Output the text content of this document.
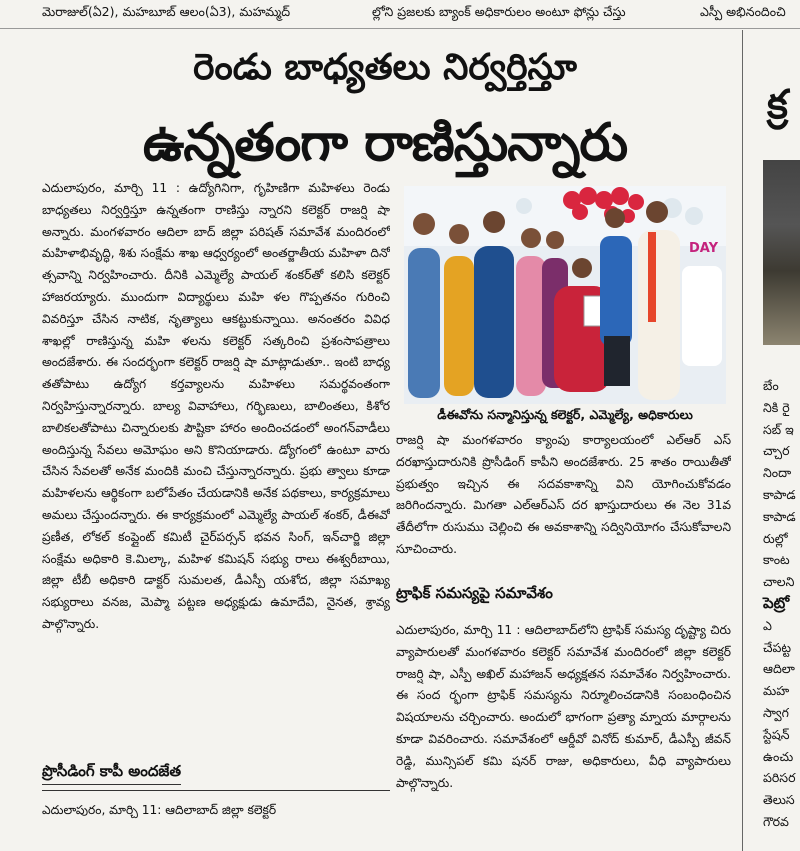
మెరాజుల్‌(ఏ2), మహబూబ్‌ ఆలం(ఏ3), మహమ్మద్‌	ల్లోని ప్రజలకు బ్యాంక్‌ అధికారులం అంటూ ఫోన్లు చేస్తు	ఎస్పీ అభినందించి
రెండు బాధ్యతలు నిర్వర్తిస్తూ
ఉన్నతంగా రాణిస్తున్నారు
ఎదులాపురం, మార్చి 11 : ఉద్యోగినిగా, గృహిణిగా మహిళలు రెండు బాధ్యతలు నిర్వర్తిస్తూ ఉన్నతంగా రాణిస్తు న్నారని కలెక్టర్‌ రాజర్షి షా అన్నారు. మంగళవారం ఆదిలా బాద్‌ జిల్లా పరిషత్‌ సమావేశ మందిరంలో మహిళాభివృద్ధి, శిశు సంక్షేమ శాఖ ఆధ్వర్యంలో అంతర్జాతీయ మహిళా దినో త్సవాన్ని నిర్వహించారు. దీనికి ఎమ్మెల్యే పాయల్‌ శంకర్‌తో కలిసి కలెక్టర్‌ హాజరయ్యారు. ముందుగా విద్యార్థులు మహి ళల గొప్పతనం గురించి వివరిస్తూ చేసిన నాటిక, నృత్యాలు ఆకట్టుకున్నాయి. అనంతరం వివిధ శాఖల్లో రాణిస్తున్న మహి ళలను కలెక్టర్‌ సత్కరించి ప్రశంసాపత్రాలు అందజేశారు. ఈ సందర్భంగా కలెక్టర్‌ రాజర్షి షా మాట్లాడుతూ.. ఇంటి బాధ్య తతోపాటు ఉద్యోగ కర్తవ్యాలను మహిళలు సమర్థవంతంగా నిర్వహిస్తున్నారన్నారు. బాల్య వివాహాలు, గర్భిణులు, బాలింతలు, కిశోర బాలికలతోపాటు చిన్నారులకు పౌష్టికా హారం అందించడంలో అంగన్‌వాడీలు అందిస్తున్న సేవలు అమోఘం అని కొనియాడారు. డ్యోగంలో ఉంటూ వారు చేసిన సేవలతో అనేక మందికి మంచి చేస్తున్నారన్నారు. ప్రభు త్వాలు కూడా మహిళలను ఆర్థికంగా బలోపేతం చేయడానికి అనేక పథకాలు, కార్యక్రమాలు అమలు చేస్తుందన్నారు. ఈ కార్యక్రమంలో ఎమ్మెల్యే పాయల్‌ శంకర్‌, డీఈవో ప్రణీత, లోకల్‌ కంప్లైంట్‌ కమిటీ చైర్‌పర్సన్‌ భవన సింగ్‌, ఇన్‌చార్జి జిల్లా సంక్షేమ అధికారి కె.మిల్కా, మహిళ కమిషన్‌ సభ్యు రాలు ఈశ్వరీబాయి, జిల్లా టీబీ అధికారి డాక్టర్‌ సుమలత, డీఎస్పీ యశోద, జిల్లా సమాఖ్య సభ్యురాలు వనజ, మెప్మా పట్టణ అధ్యక్షుడు ఉమాదేవి, నైనత, శ్రావ్య పాల్గొన్నారు.
DAY
డీఈవోను సన్మానిస్తున్న కలెక్టర్‌, ఎమ్మెల్యే, అధికారులు
రాజర్షి షా మంగళవారం క్యాంపు కార్యాలయంలో ఎల్‌ఆర్‌ ఎస్‌ దరఖాస్తుదారునికి ప్రొసీడింగ్‌ కాపీని అందజేశారు. 25 శాతం రాయితీతో ప్రభుత్వం ఇచ్చిన ఈ సదవకాశాన్ని విని యోగించుకోవడం జరిగిందన్నారు. మిగతా ఎల్‌ఆర్‌ఎస్‌ దర ఖాస్తుదారులు ఈ నెల 31వ తేదీలోగా రుసుము చెల్లించి ఈ అవకాశాన్ని సద్వినియోగం చేసుకోవాలని సూచించారు.
ట్రాఫిక్‌ సమస్యపై సమావేశం
ఎదులాపురం, మార్చి 11 : ఆదిలాబాద్‌లోని ట్రాఫిక్‌ సమస్య దృష్ట్యా చిరు వ్యాపారులతో మంగళవారం కలెక్టర్‌ సమావేశ మందిరంలో జిల్లా కలెక్టర్‌ రాజర్షి షా, ఎస్పీ అఖిల్‌ మహాజన్‌ అధ్యక్షతన సమావేశం నిర్వహించారు. ఈ సంద ర్భంగా ట్రాఫిక్‌ సమస్యను నిర్మూలించడానికి సంబంధించిన విషయాలను చర్చించారు. అందులో భాగంగా ప్రత్యా మ్నాయ మార్గాలను కూడా వివరించారు. సమావేశంలో ఆర్డీవో వినోద్‌ కుమార్‌, డీఎస్పీ జీవన్‌ రెడ్డి, మున్సిపల్‌ కమి షనర్‌ రాజు, అధికారులు, వీధి వ్యాపారులు పాల్గొన్నారు.
ప్రొసీడింగ్‌ కాపీ అందజేత
ఎదులాపురం, మార్చి 11: ఆదిలాబాద్‌ జిల్లా కలెక్టర్‌
క్ర
బేం
నికి రై
సబ్‌ ఇ
చ్చార
నిందా
కాపాడ
కాపాడ
రుల్లో
కాంట
చాలని
పెట్రో
ఎ
చేపట్ట
ఆదిలా
మహ
స్వాగ
స్టేషన్‌
ఉంచు
పరిసర
తెలుస
గౌరవ
